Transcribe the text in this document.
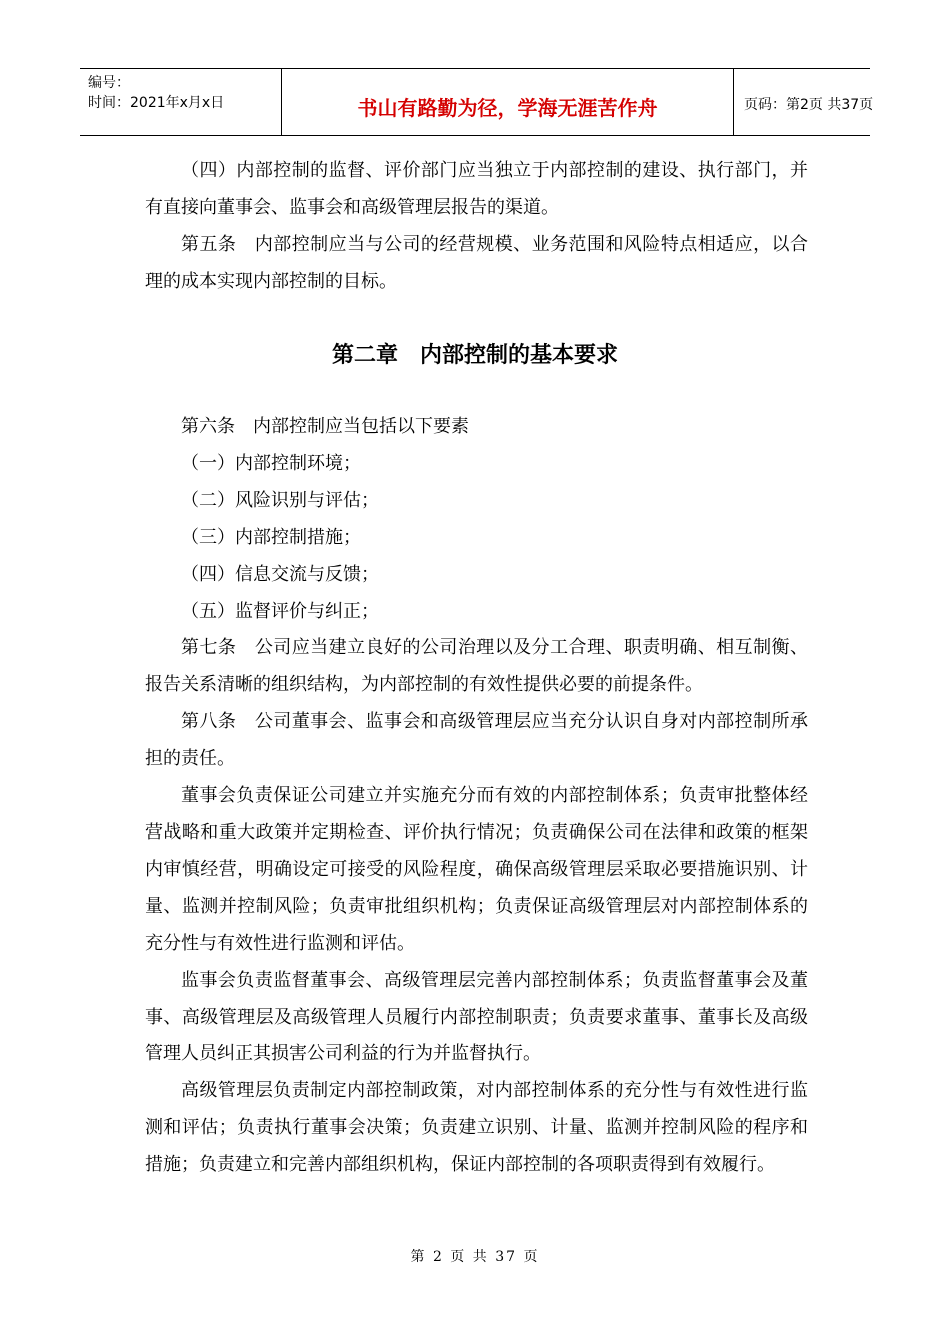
编号：
时间：2021年x月x日	书山有路勤为径，学海无涯苦作舟	页码：第2页 共37页

（四）内部控制的监督、评价部门应当独立于内部控制的建设、执行部门，并有直接向董事会、监事会和高级管理层报告的渠道。

第五条　内部控制应当与公司的经营规模、业务范围和风险特点相适应，以合理的成本实现内部控制的目标。

第二章　内部控制的基本要求

第六条　内部控制应当包括以下要素

（一）内部控制环境；

（二）风险识别与评估；

（三）内部控制措施；

（四）信息交流与反馈；

（五）监督评价与纠正；

第七条　公司应当建立良好的公司治理以及分工合理、职责明确、相互制衡、报告关系清晰的组织结构，为内部控制的有效性提供必要的前提条件。

第八条　公司董事会、监事会和高级管理层应当充分认识自身对内部控制所承担的责任。

董事会负责保证公司建立并实施充分而有效的内部控制体系；负责审批整体经营战略和重大政策并定期检查、评价执行情况；负责确保公司在法律和政策的框架内审慎经营，明确设定可接受的风险程度，确保高级管理层采取必要措施识别、计量、监测并控制风险；负责审批组织机构；负责保证高级管理层对内部控制体系的充分性与有效性进行监测和评估。

监事会负责监督董事会、高级管理层完善内部控制体系；负责监督董事会及董事、高级管理层及高级管理人员履行内部控制职责；负责要求董事、董事长及高级管理人员纠正其损害公司利益的行为并监督执行。

高级管理层负责制定内部控制政策，对内部控制体系的充分性与有效性进行监测和评估；负责执行董事会决策；负责建立识别、计量、监测并控制风险的程序和措施；负责建立和完善内部组织机构，保证内部控制的各项职责得到有效履行。

第 2 页 共 37 页
